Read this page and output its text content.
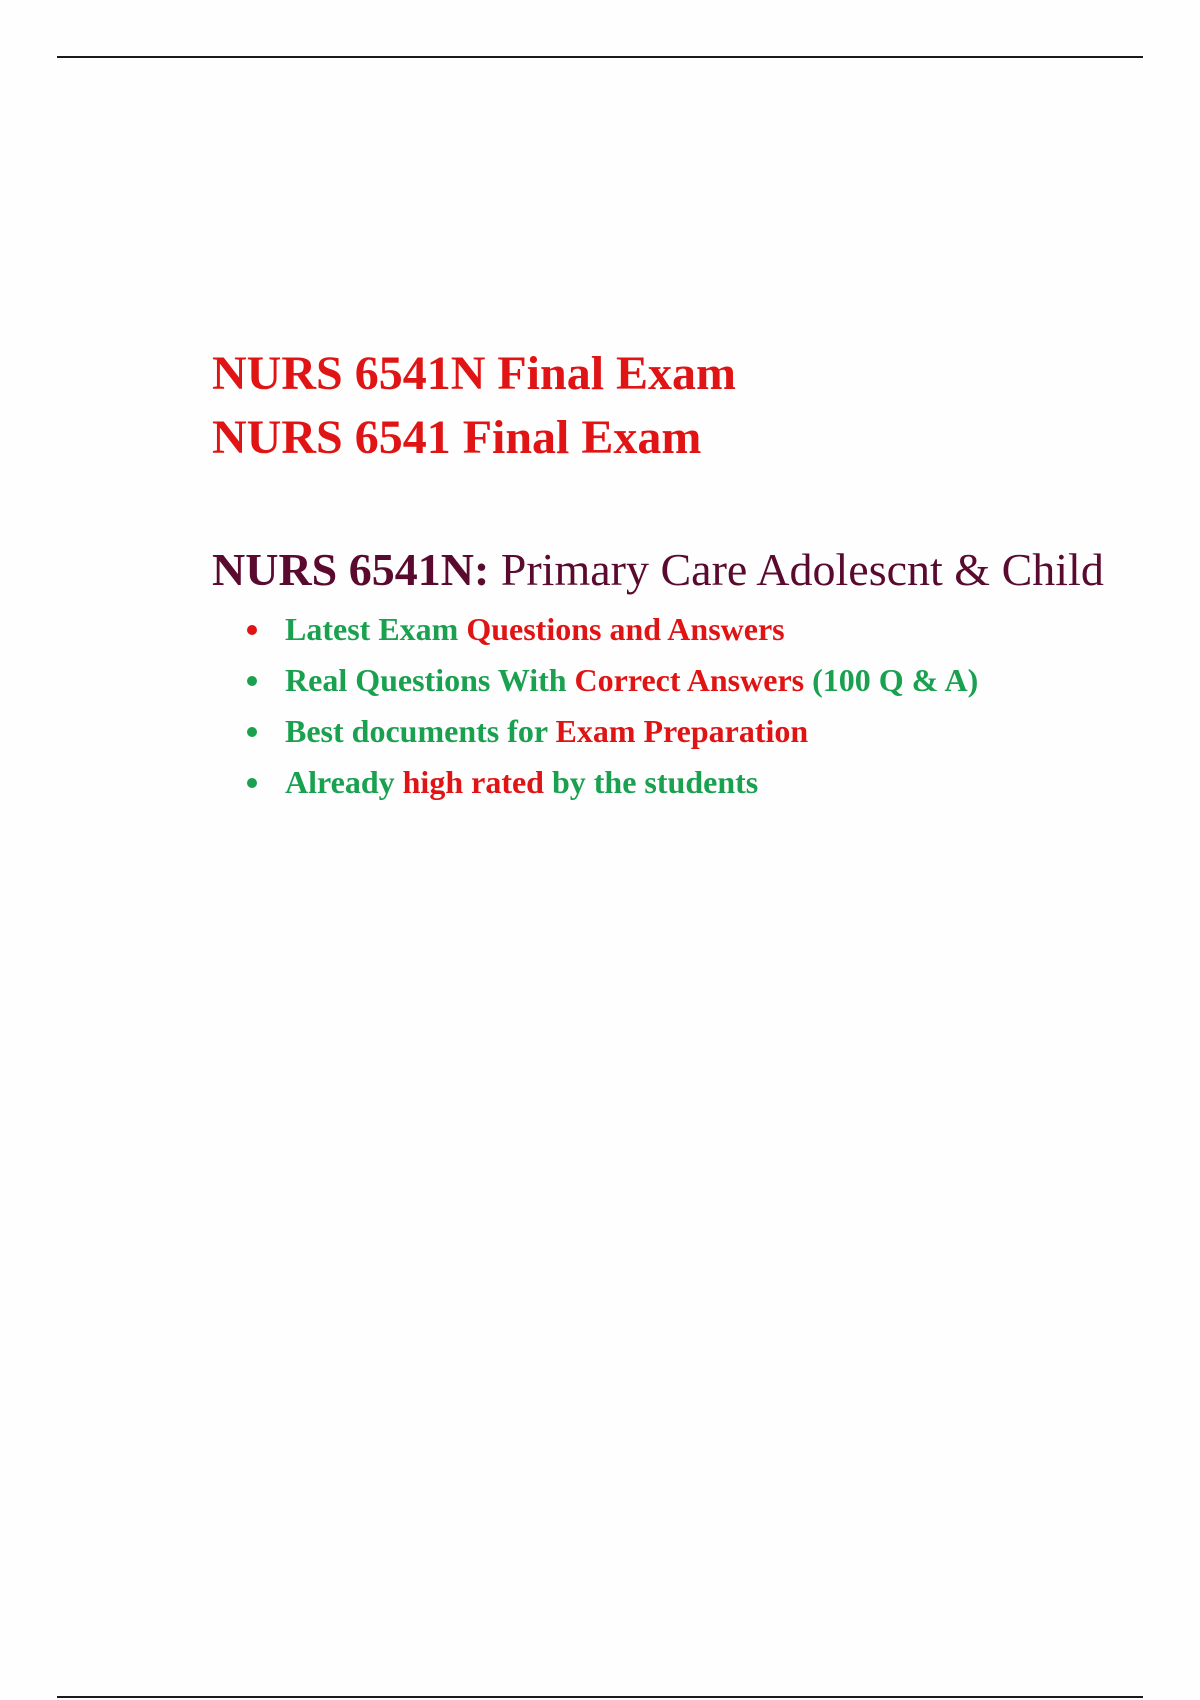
NURS 6541N Final Exam

NURS 6541 Final Exam

NURS 6541N: Primary Care Adolescnt & Child

Latest Exam Questions and Answers
Real Questions With Correct Answers (100 Q & A)
Best documents for Exam Preparation
Already high rated by the students
